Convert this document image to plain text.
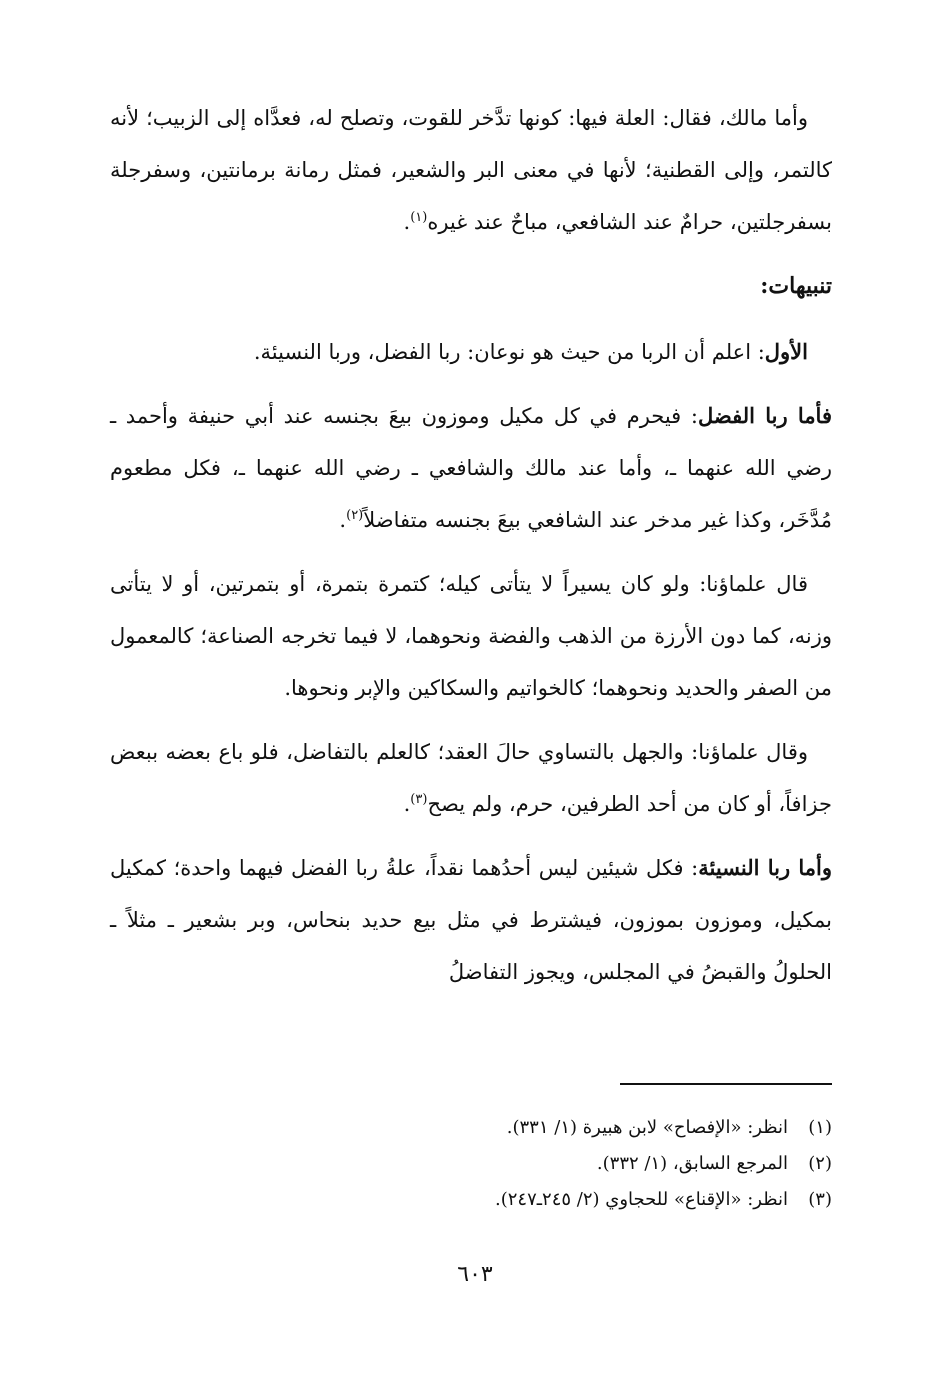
وأما مالك، فقال: العلة فيها: كونها تدَّخر للقوت، وتصلح له، فعدَّاه إلى الزبيب؛ لأنه كالتمر، وإلى القطنية؛ لأنها في معنى البر والشعير، فمثل رمانة برمانتين، وسفرجلة بسفرجلتين، حرامٌ عند الشافعي، مباحٌ عند غيره$^{(١)}$.

تنبيهات:

الأول: اعلم أن الربا من حيث هو نوعان: ربا الفضل، وربا النسيئة.

فأما ربا الفضل: فيحرم في كل مكيل وموزون بيعَ بجنسه عند أبي حنيفة وأحمد ـ رضي الله عنهما ـ، وأما عند مالك والشافعي ـ رضي الله عنهما ـ، فكل مطعوم مُدَّخَر، وكذا غير مدخر عند الشافعي بيعَ بجنسه متفاضلاً$^{(٢)}$.

قال علماؤنا: ولو كان يسيراً لا يتأتى كيله؛ كتمرة بتمرة، أو بتمرتين، أو لا يتأتى وزنه، كما دون الأرزة من الذهب والفضة ونحوهما، لا فيما تخرجه الصناعة؛ كالمعمول من الصفر والحديد ونحوهما؛ كالخواتيم والسكاكين والإبر ونحوها.

وقال علماؤنا: والجهل بالتساوي حالَ العقد؛ كالعلم بالتفاضل، فلو باع بعضه ببعض جزافاً، أو كان من أحد الطرفين، حرم، ولم يصح$^{(٣)}$.

وأما ربا النسيئة: فكل شيئين ليس أحدُهما نقداً، علةُ ربا الفضل فيهما واحدة؛ كمكيل بمكيل، وموزون بموزون، فيشترط في مثل بيع حديد بنحاس، وبر بشعير ـ مثلاً ـ الحلولُ والقبضُ في المجلس، ويجوز التفاضلُ

(١)انظر: «الإفصاح» لابن هبيرة (١/ ٣٣١).
(٢)المرجع السابق، (١/ ٣٣٢).
(٣)انظر: «الإقناع» للحجاوي (٢/ ٢٤٥ـ٢٤٧).
٦٠٣
